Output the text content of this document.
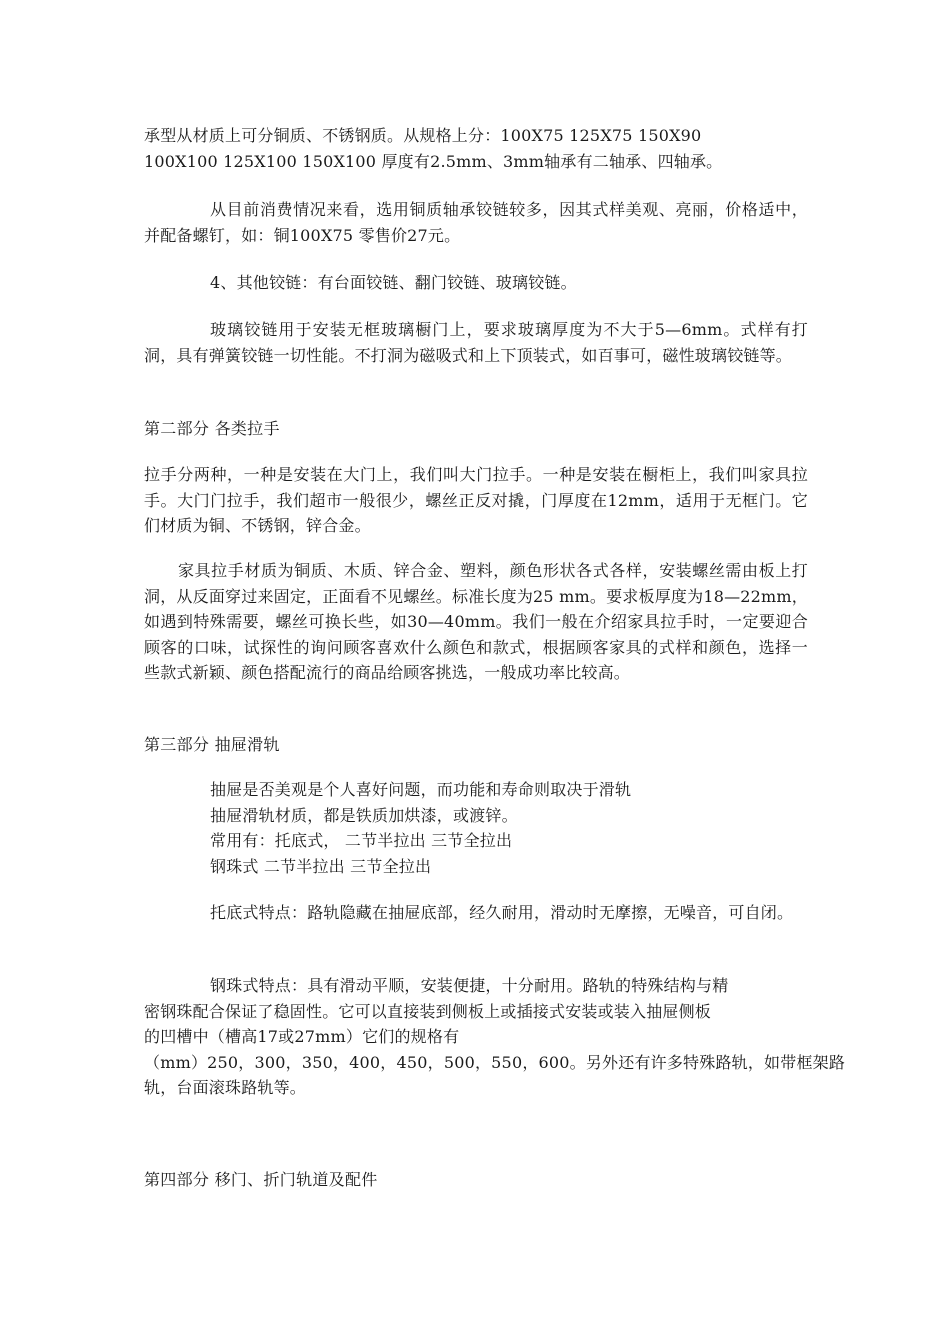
承型从材质上可分铜质、不锈钢质。从规格上分：100X75 125X75 150X90
100X100 125X100 150X100 厚度有2.5mm、3mm轴承有二轴承、四轴承。

从目前消费情况来看，选用铜质轴承铰链较多，因其式样美观、亮丽，价格适中，并配备螺钉，如：铜100X75 零售价27元。

4、其他铰链：有台面铰链、翻门铰链、玻璃铰链。

玻璃铰链用于安装无框玻璃橱门上，要求玻璃厚度为不大于5—6mm。式样有打洞，具有弹簧铰链一切性能。不打洞为磁吸式和上下顶装式，如百事可，磁性玻璃铰链等。

第二部分 各类拉手

拉手分两种，一种是安装在大门上，我们叫大门拉手。一种是安装在橱柜上，我们叫家具拉手。大门门拉手，我们超市一般很少，螺丝正反对撬，门厚度在12mm，适用于无框门。它们材质为铜、不锈钢，锌合金。

家具拉手材质为铜质、木质、锌合金、塑料，颜色形状各式各样，安装螺丝需由板上打洞，从反面穿过来固定，正面看不见螺丝。标准长度为25 mm。要求板厚度为18—22mm，如遇到特殊需要，螺丝可换长些，如30—40mm。我们一般在介绍家具拉手时，一定要迎合顾客的口味，试探性的询问顾客喜欢什么颜色和款式，根据顾客家具的式样和颜色，选择一些款式新颖、颜色搭配流行的商品给顾客挑选，一般成功率比较高。

第三部分 抽屉滑轨

抽屉是否美观是个人喜好问题，而功能和寿命则取决于滑轨
抽屉滑轨材质，都是铁质加烘漆，或渡锌。
常用有：托底式， 二节半拉出 三节全拉出
钢珠式 二节半拉出 三节全拉出

托底式特点：路轨隐藏在抽屉底部，经久耐用，滑动时无摩擦，无噪音，可自闭。

钢珠式特点：具有滑动平顺，安装便捷，十分耐用。路轨的特殊结构与精
密钢珠配合保证了稳固性。它可以直接装到侧板上或插接式安装或装入抽屉侧板
的凹槽中（槽高17或27mm）它们的规格有
（mm）250，300，350，400，450，500，550，600。另外还有许多特殊路轨，如带框架路
轨，台面滚珠路轨等。

第四部分 移门、折门轨道及配件
